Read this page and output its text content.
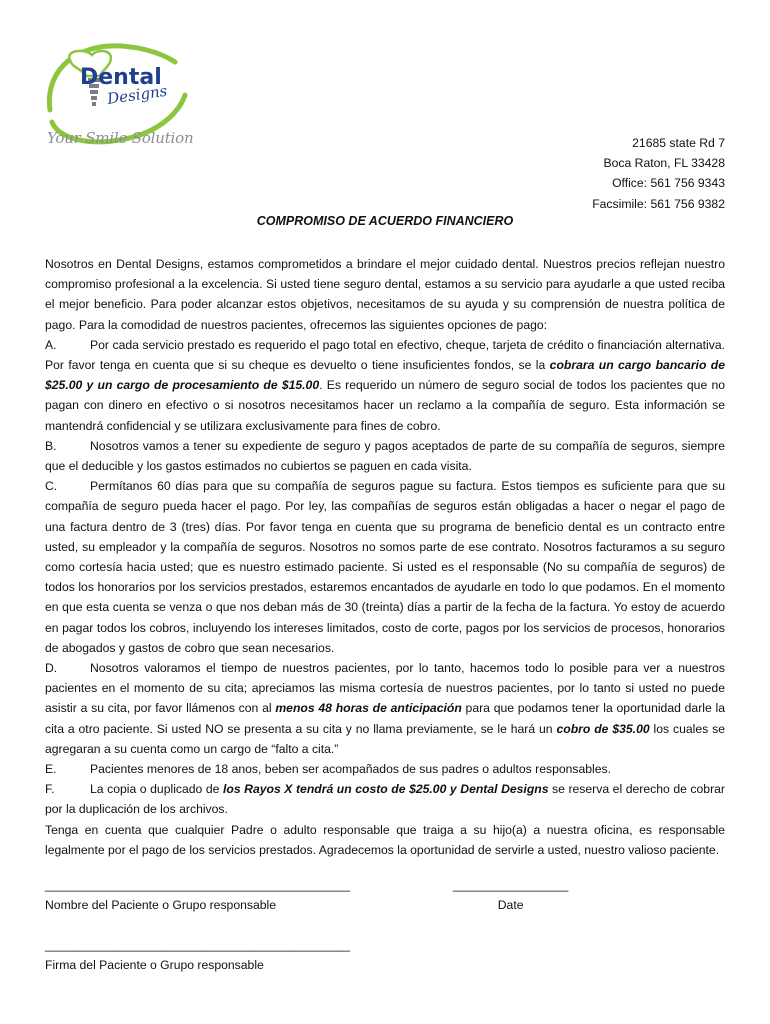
Dental
Designs
Your Smile Solution	21685 state Rd 7
Boca Raton, FL 33428
Office: 561 756 9343
Facsimile: 561 756 9382
COMPROMISO DE ACUERDO FINANCIERO

Nosotros en Dental Designs, estamos comprometidos a brindare el mejor cuidado dental. Nuestros precios reflejan nuestro compromiso profesional a la excelencia. Si usted tiene seguro dental, estamos a su servicio para ayudarle a que usted reciba el mejor beneficio. Para poder alcanzar estos objetivos, necesitamos de su ayuda y su comprensión de nuestra política de pago. Para la comodidad de nuestros pacientes, ofrecemos las siguientes opciones de pago:

A.	Por cada servicio prestado es requerido el pago total en efectivo, cheque, tarjeta de crédito o financiación alternativa. Por favor tenga en cuenta que si su cheque es devuelto o tiene insuficientes fondos, se la cobrara un cargo bancario de $25.00 y un cargo de procesamiento de $15.00. Es requerido un número de seguro social de todos los pacientes que no pagan con dinero en efectivo o si nosotros necesitamos hacer un reclamo a la compañía de seguro. Esta información se mantendrá confidencial y se utilizara exclusivamente para fines de cobro.

B.	Nosotros vamos a tener su expediente de seguro y pagos aceptados de parte de su compañía de seguros, siempre que el deducible y los gastos estimados no cubiertos se paguen en cada visita.

C.	Permítanos 60 días para que su compañía de seguros pague su factura. Estos tiempos es suficiente para que su compañía de seguro pueda hacer el pago. Por ley, las compañías de seguros están obligadas a hacer o negar el pago de una factura dentro de 3 (tres) días. Por favor tenga en cuenta que su programa de beneficio dental es un contracto entre usted, su empleador y la compañía de seguros. Nosotros no somos parte de ese contrato. Nosotros facturamos a su seguro como cortesía hacia usted; que es nuestro estimado paciente. Si usted es el responsable (No su compañía de seguros) de todos los honorarios por los servicios prestados, estaremos encantados de ayudarle en todo lo que podamos. En el momento en que esta cuenta se venza o que nos deban más de 30 (treinta) días a partir de la fecha de la factura. Yo estoy de acuerdo en pagar todos los cobros, incluyendo los intereses limitados, costo de corte, pagos por los servicios de procesos, honorarios de abogados y gastos de cobro que sean necesarios.

D.	Nosotros valoramos el tiempo de nuestros pacientes, por lo tanto, hacemos todo lo posible para ver a nuestros pacientes en el momento de su cita; apreciamos las misma cortesía de nuestros pacientes, por lo tanto si usted no puede asistir a su cita, por favor llámenos con al menos 48 horas de anticipación para que podamos tener la oportunidad darle la cita a otro paciente. Si usted NO se presenta a su cita y no llama previamente, se le hará un cobro de $35.00 los cuales se agregaran a su cuenta como un cargo de “falto a cita.”

E.	Pacientes menores de 18 anos, beben ser acompañados de sus padres o adultos responsables.

F.	La copia o duplicado de los Rayos X tendrá un costo de $25.00 y Dental Designs se reserva el derecho de cobrar por la duplicación de los archivos.

Tenga en cuenta que cualquier Padre o adulto responsable que traiga a su hijo(a) a nuestra oficina, es responsable legalmente por el pago de los servicios prestados. Agradecemos la oportunidad de servirle a usted, nuestro valioso paciente.

_____________________________________________
Nombre del Paciente o Grupo responsable
_________________
Date
_____________________________________________
Firma del Paciente o Grupo responsable
